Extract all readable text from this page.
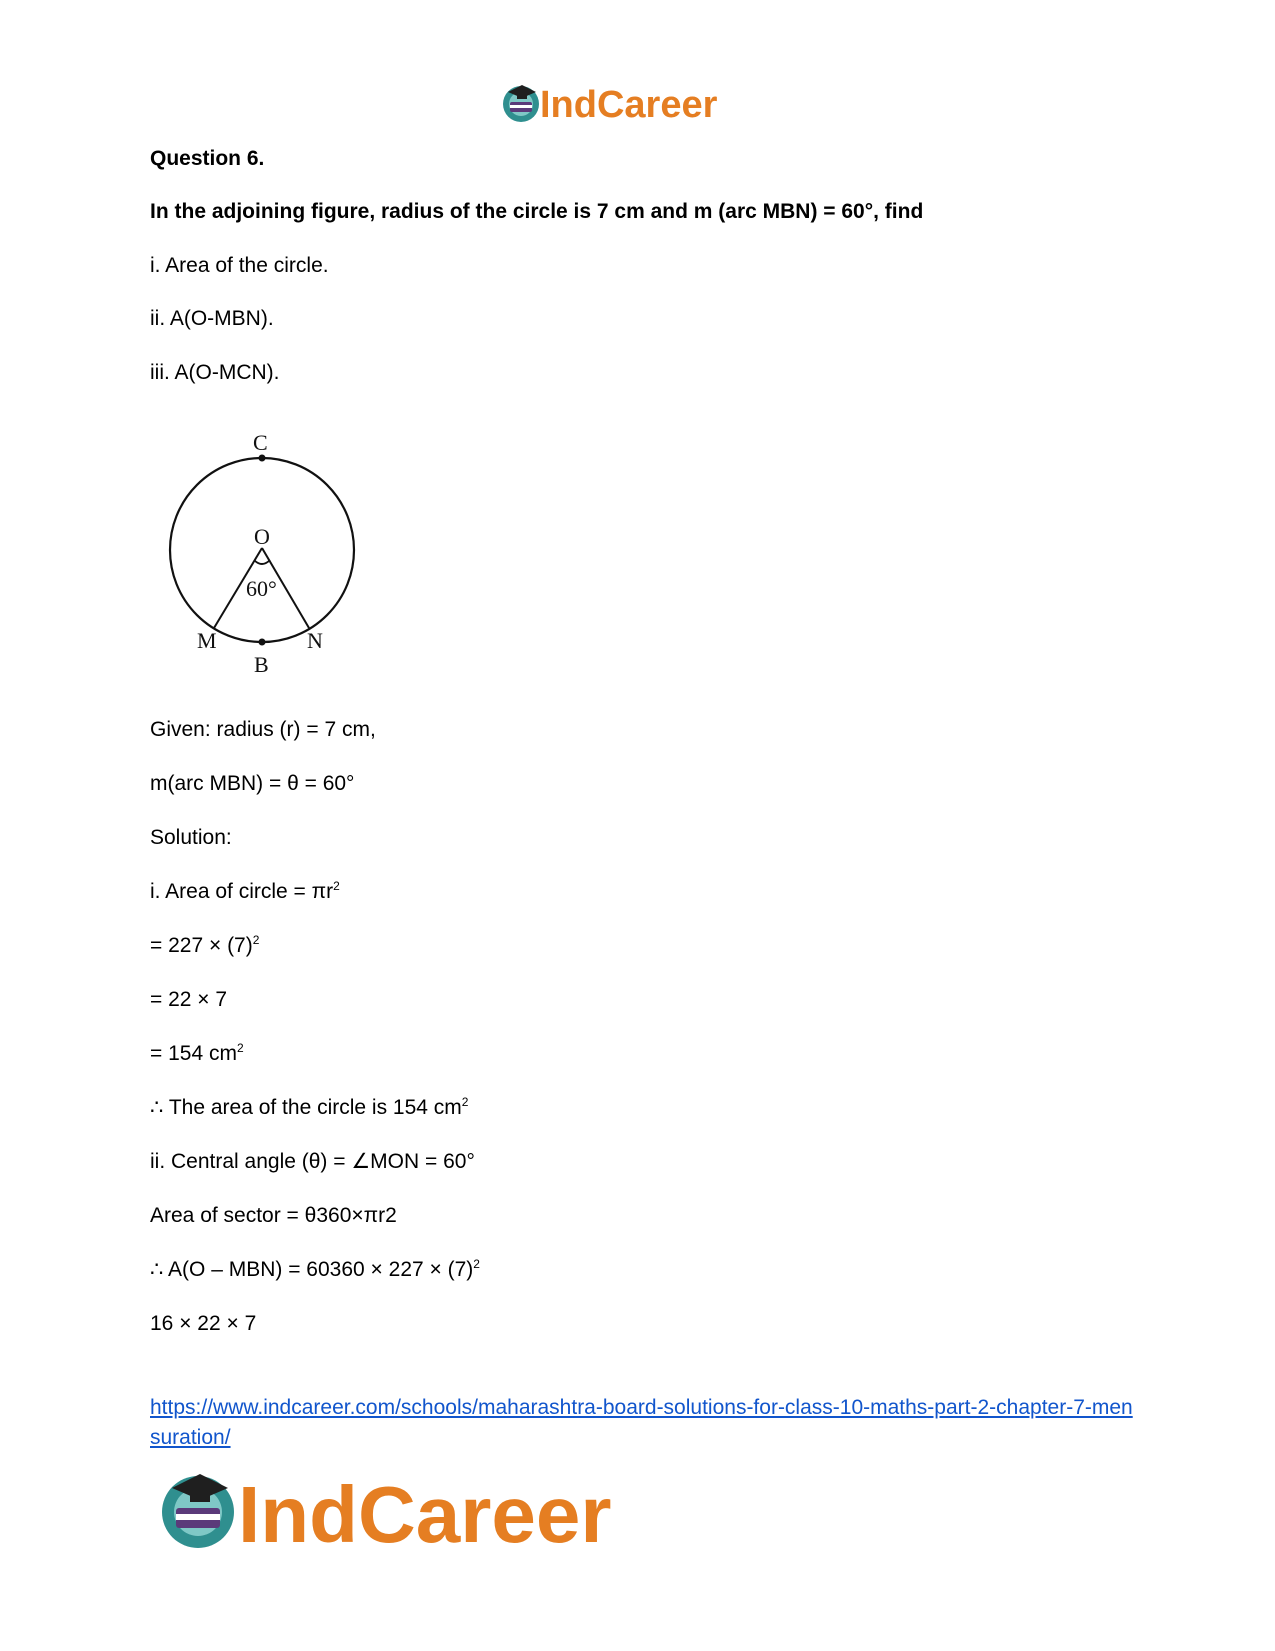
IndCareer
Question 6.
In the adjoining figure, radius of the circle is 7 cm and m (arc MBN) = 60°, find
i. Area of the circle.
ii. A(O-MBN).
iii. A(O-MCN).
C
O
60°
M
B
N
Given: radius (r) = 7 cm,
m(arc MBN) = θ = 60°
Solution:
i. Area of circle = $\pi r^2$
= $227 \times (7)^2$
= 22 × 7
= 154 $cm^2$
∴ The area of the circle is 154 $cm^2$
ii. Central angle (θ) = ∠MON = 60°
Area of sector = θ360×πr2
∴ $A(O - MBN) = 60360 \times 227 \times (7)^2$
16 × 22 × 7
https://www.indcareer.com/schools/maharashtra-board-solutions-for-class-10-maths-part-2-chapter-7-mensuration/
IndCareer
